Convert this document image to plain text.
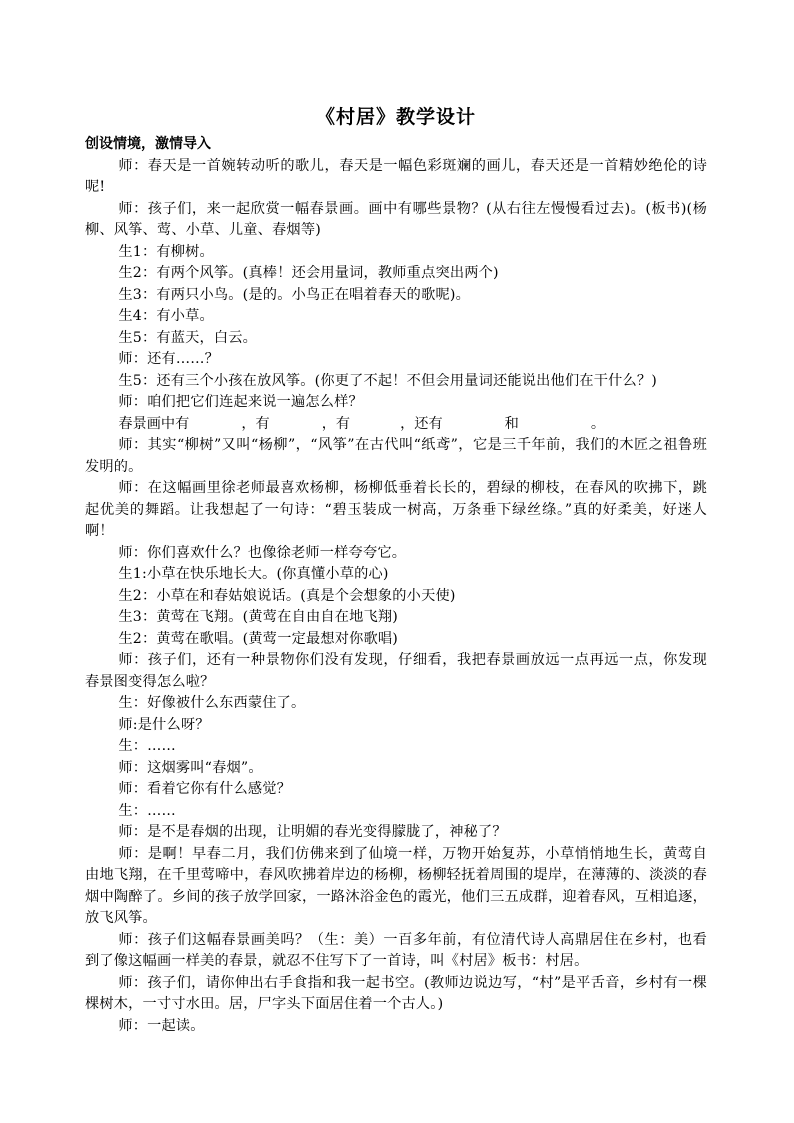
《村居》教学设计

创设情境，激情导入

师：春天是一首婉转动听的歌儿，春天是一幅色彩斑斓的画儿，春天还是一首精妙绝伦的诗呢!

师：孩子们，来一起欣赏一幅春景画。画中有哪些景物？(从右往左慢慢看过去)。(板书)(杨柳、风筝、莺、小草、儿童、春烟等)

生1：有柳树。

生2：有两个风筝。(真棒！还会用量词，教师重点突出两个)

生3：有两只小鸟。(是的。小鸟正在唱着春天的歌呢)。

生4：有小草。

生5：有蓝天，白云。

师：还有……？

生5：还有三个小孩在放风筝。(你更了不起！不但会用量词还能说出他们在干什么？)

师：咱们把它们连起来说一遍怎么样？

春景画中有	，有	，有	，还有	和	。

师：其实“柳树”又叫“杨柳”，“风筝”在古代叫“纸鸢”，它是三千年前，我们的木匠之祖鲁班发明的。

师：在这幅画里徐老师最喜欢杨柳，杨柳低垂着长长的，碧绿的柳枝，在春风的吹拂下，跳起优美的舞蹈。让我想起了一句诗：“碧玉装成一树高，万条垂下绿丝绦。”真的好柔美，好迷人啊！

师：你们喜欢什么？也像徐老师一样夸夸它。

生1:小草在快乐地长大。(你真懂小草的心)

生2：小草在和春姑娘说话。(真是个会想象的小天使)

生3：黄莺在飞翔。(黄莺在自由自在地飞翔)

生2：黄莺在歌唱。(黄莺一定最想对你歌唱)

师：孩子们，还有一种景物你们没有发现，仔细看，我把春景画放远一点再远一点，你发现春景图变得怎么啦？

生：好像被什么东西蒙住了。

师:是什么呀？

生：……

师：这烟雾叫“春烟”。

师：看着它你有什么感觉？

生：……

师：是不是春烟的出现，让明媚的春光变得朦胧了，神秘了？

师：是啊！早春二月，我们仿佛来到了仙境一样，万物开始复苏，小草悄悄地生长，黄莺自由地飞翔，在千里莺啼中，春风吹拂着岸边的杨柳，杨柳轻抚着周围的堤岸，在薄薄的、淡淡的春烟中陶醉了。乡间的孩子放学回家，一路沐浴金色的霞光，他们三五成群，迎着春风，互相追逐，放飞风筝。

师：孩子们这幅春景画美吗？（生：美）一百多年前，有位清代诗人高鼎居住在乡村，也看到了像这幅画一样美的春景，就忍不住写下了一首诗，叫《村居》板书：村居。

师：孩子们，请你伸出右手食指和我一起书空。(教师边说边写，“村”是平舌音，乡村有一棵棵树木，一寸寸水田。居，尸字头下面居住着一个古人。)

师：一起读。
